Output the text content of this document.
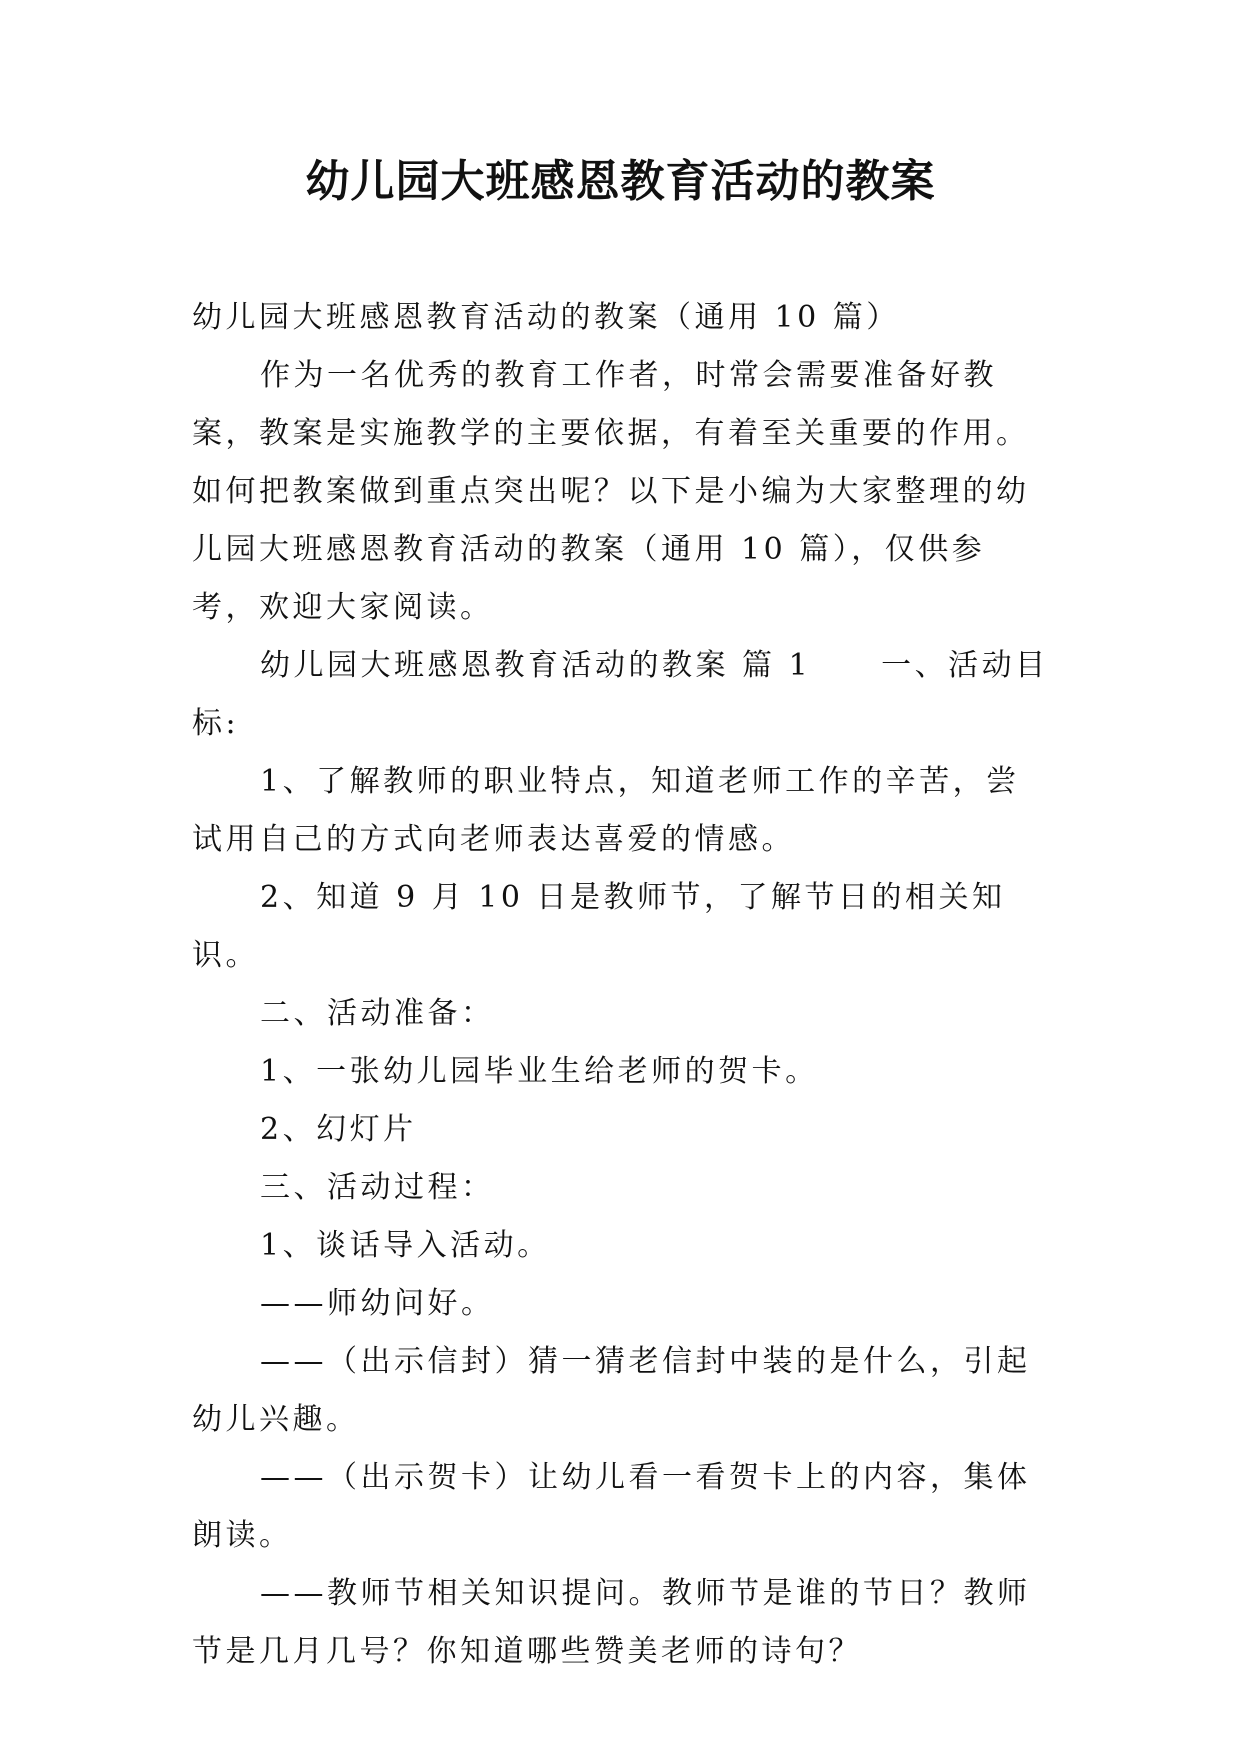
幼儿园大班感恩教育活动的教案

幼儿园大班感恩教育活动的教案（通用 10 篇）

作为一名优秀的教育工作者，时常会需要准备好教案，教案是实施教学的主要依据，有着至关重要的作用。如何把教案做到重点突出呢？以下是小编为大家整理的幼儿园大班感恩教育活动的教案（通用 10 篇），仅供参考，欢迎大家阅读。

幼儿园大班感恩教育活动的教案 篇 1 一、活动目标:

1、了解教师的职业特点，知道老师工作的辛苦，尝试用自己的方式向老师表达喜爱的情感。

2、知道 9 月 10 日是教师节，了解节日的相关知识。

二、活动准备：

1、一张幼儿园毕业生给老师的贺卡。

2、幻灯片

三、活动过程：

1、谈话导入活动。

——师幼问好。

——（出示信封）猜一猜老信封中装的是什么，引起幼儿兴趣。

——（出示贺卡）让幼儿看一看贺卡上的内容，集体朗读。

——教师节相关知识提问。教师节是谁的节日？教师节是几月几号？你知道哪些赞美老师的诗句？
